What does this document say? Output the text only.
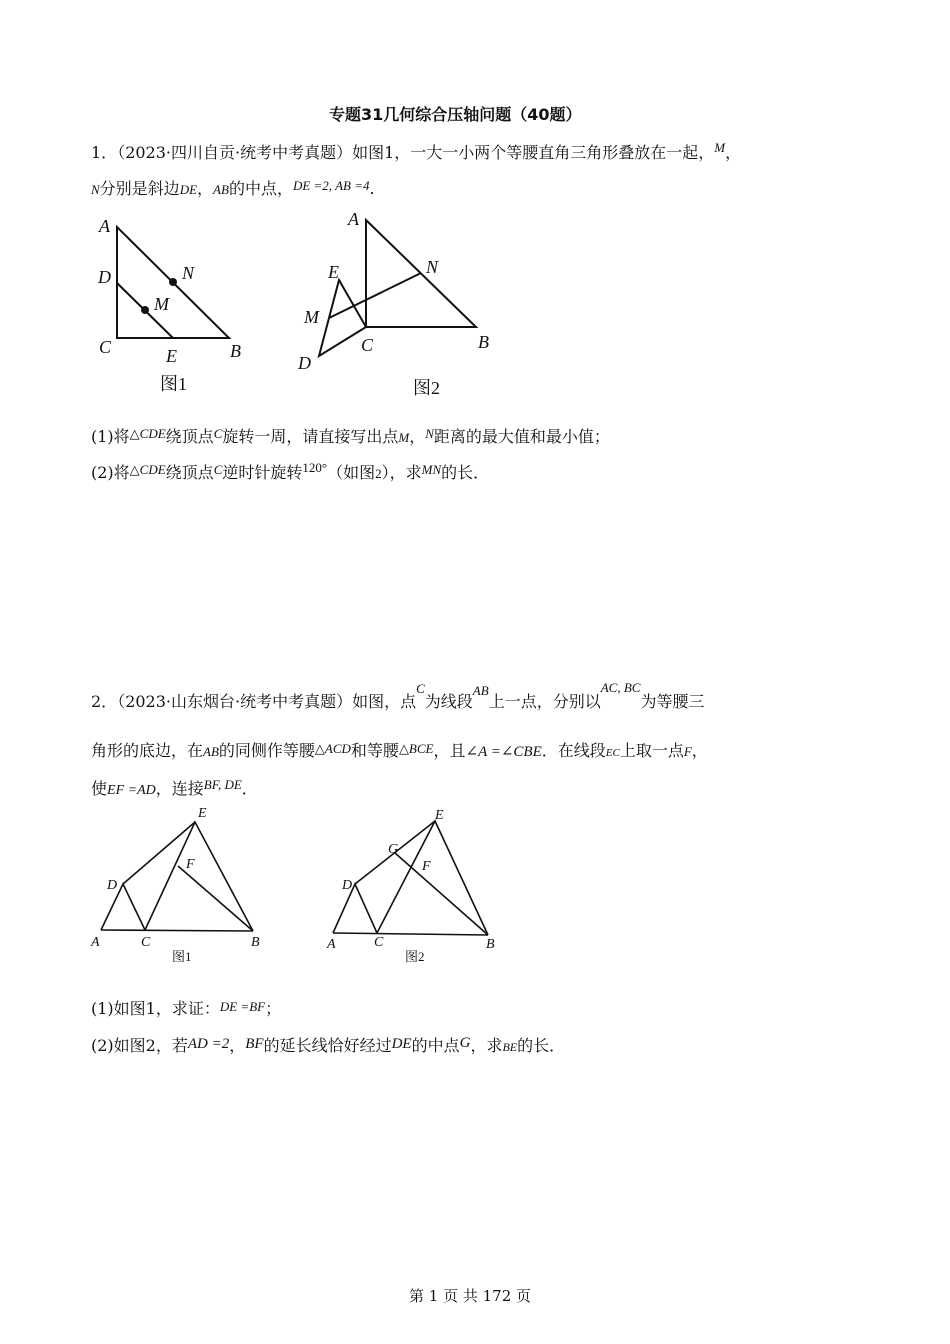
专题31几何综合压轴问题（40题）
1．（2023·四川自贡·统考中考真题）如图1，一大一小两个等腰直角三角形叠放在一起，$^M$，
N分别是斜边DE，AB的中点，$^{DE =2, AB =4}$.
A
D	N
M
C	E	B
图1
A
E	N
M
C	B
D
图2
(1)将$^{\triangle CDE}$绕顶点$^C$旋转一周，请直接写出点M，$^N$距离的最大值和最小值；
(2)将$^{\triangle CDE}$绕顶点$^C$逆时针旋转$^{120^\circ}$（如图2），求$^{MN}$的长．
2．（2023·山东烟台·统考中考真题）如图，点$^C$为线段$^{AB}$上一点，分别以$^{AC, BC}$为等腰三
角形的底边，在AB的同侧作等腰△ACD和等腰△BCE，且∠A =∠CBE．在线段EC上取一点F，
使EF =AD，连接$^{BF, DE}$．
E
F
D
A	C	B
图1
E
G
F
D
A	C	B
图2
(1)如图1，求证：DE =BF；
(2)如图2，若AD =2，BF的延长线恰好经过DE的中点G，求BE的长．
第 1 页 共 172 页
